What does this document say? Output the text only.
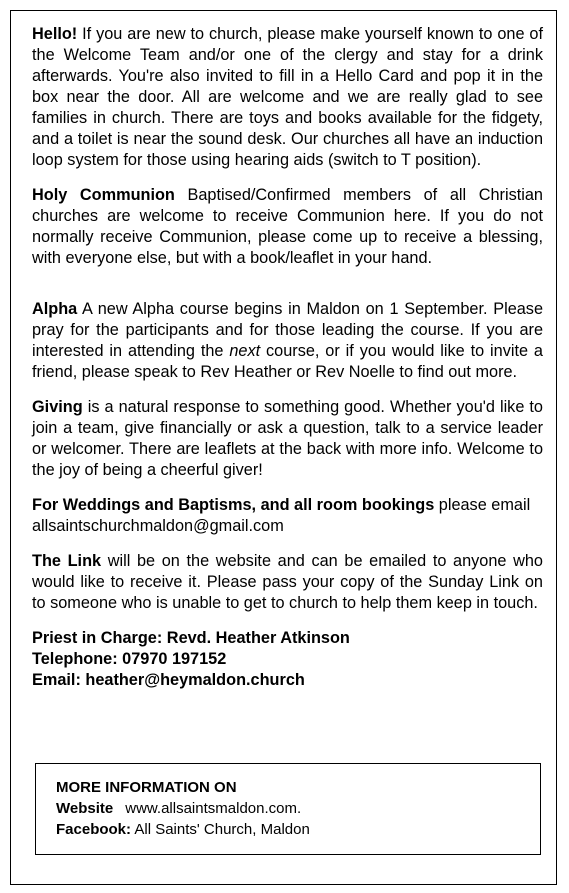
Hello! If you are new to church, please make yourself known to one of the Welcome Team and/or one of the clergy and stay for a drink afterwards. You're also invited to fill in a Hello Card and pop it in the box near the door. All are welcome and we are really glad to see families in church. There are toys and books available for the fidgety, and a toilet is near the sound desk. Our churches all have an induction loop system for those using hearing aids (switch to T position).

Holy Communion Baptised/Confirmed members of all Christian churches are welcome to receive Communion here. If you do not normally receive Communion, please come up to receive a blessing, with everyone else, but with a book/leaflet in your hand.

Alpha A new Alpha course begins in Maldon on 1 September. Please pray for the participants and for those leading the course. If you are interested in attending the next course, or if you would like to invite a friend, please speak to Rev Heather or Rev Noelle to find out more.

Giving is a natural response to something good. Whether you'd like to join a team, give financially or ask a question, talk to a service leader or welcomer. There are leaflets at the back with more info. Welcome to the joy of being a cheerful giver!

For Weddings and Baptisms, and all room bookings please email allsaintschurchmaldon@gmail.com

The Link will be on the website and can be emailed to anyone who would like to receive it. Please pass your copy of the Sunday Link on to someone who is unable to get to church to help them keep in touch.

Priest in Charge: Revd. Heather Atkinson

Telephone: 07970 197152

Email: heather@heymaldon.church

MORE INFORMATION ON

Website www.allsaintsmaldon.com.

Facebook: All Saints' Church, Maldon
